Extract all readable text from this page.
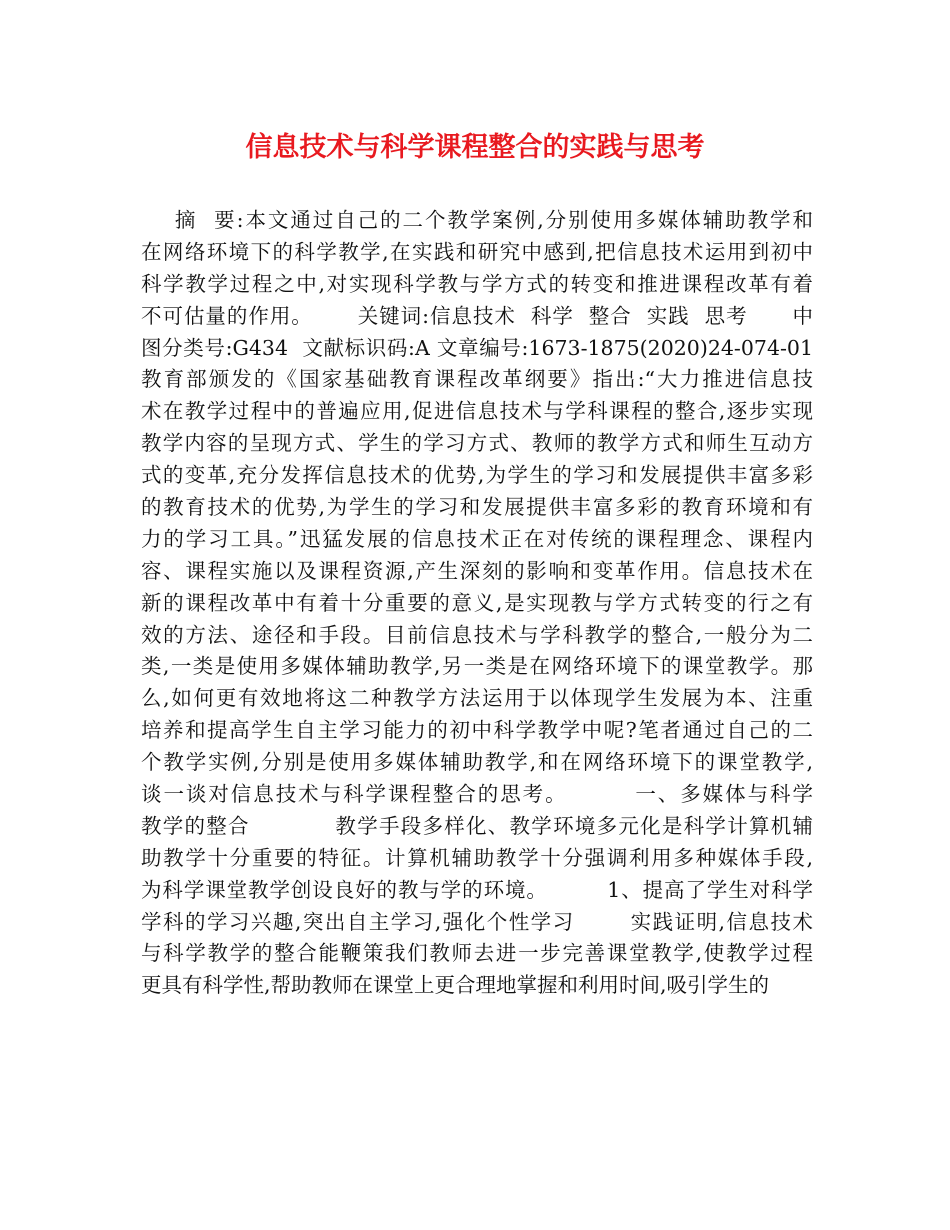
信息技术与科学课程整合的实践与思考
摘  要:本文通过自己的二个教学案例,分别使用多媒体辅助教学和
在网络环境下的科学教学,在实践和研究中感到,把信息技术运用到初中
科学教学过程之中,对实现科学教与学方式的转变和推进课程改革有着
不可估量的作用。      关键词:信息技术  科学  整合  实践  思考      中
图分类号:G434  文献标识码:A 文章编号:1673-1875(2020)24-074-01
教育部颁发的《国家基础教育课程改革纲要》指出:“大力推进信息技
术在教学过程中的普遍应用,促进信息技术与学科课程的整合,逐步实现
教学内容的呈现方式、学生的学习方式、教师的教学方式和师生互动方
式的变革,充分发挥信息技术的优势,为学生的学习和发展提供丰富多彩
的教育技术的优势,为学生的学习和发展提供丰富多彩的教育环境和有
力的学习工具。”迅猛发展的信息技术正在对传统的课程理念、课程内
容、课程实施以及课程资源,产生深刻的影响和变革作用。信息技术在
新的课程改革中有着十分重要的意义,是实现教与学方式转变的行之有
效的方法、途径和手段。目前信息技术与学科教学的整合,一般分为二
类,一类是使用多媒体辅助教学,另一类是在网络环境下的课堂教学。那
么,如何更有效地将这二种教学方法运用于以体现学生发展为本、注重
培养和提高学生自主学习能力的初中科学教学中呢?笔者通过自己的二
个教学实例,分别是使用多媒体辅助教学,和在网络环境下的课堂教学,
谈一谈对信息技术与科学课程整合的思考。        一、多媒体与科学
教学的整合           教学手段多样化、教学环境多元化是科学计算机辅
助教学十分重要的特征。计算机辅助教学十分强调利用多种媒体手段,
为科学课堂教学创设良好的教与学的环境。        1、提高了学生对科学
学科的学习兴趣,突出自主学习,强化个性学习       实践证明,信息技术
与科学教学的整合能鞭策我们教师去进一步完善课堂教学,使教学过程
更具有科学性,帮助教师在课堂上更合理地掌握和利用时间,吸引学生的
